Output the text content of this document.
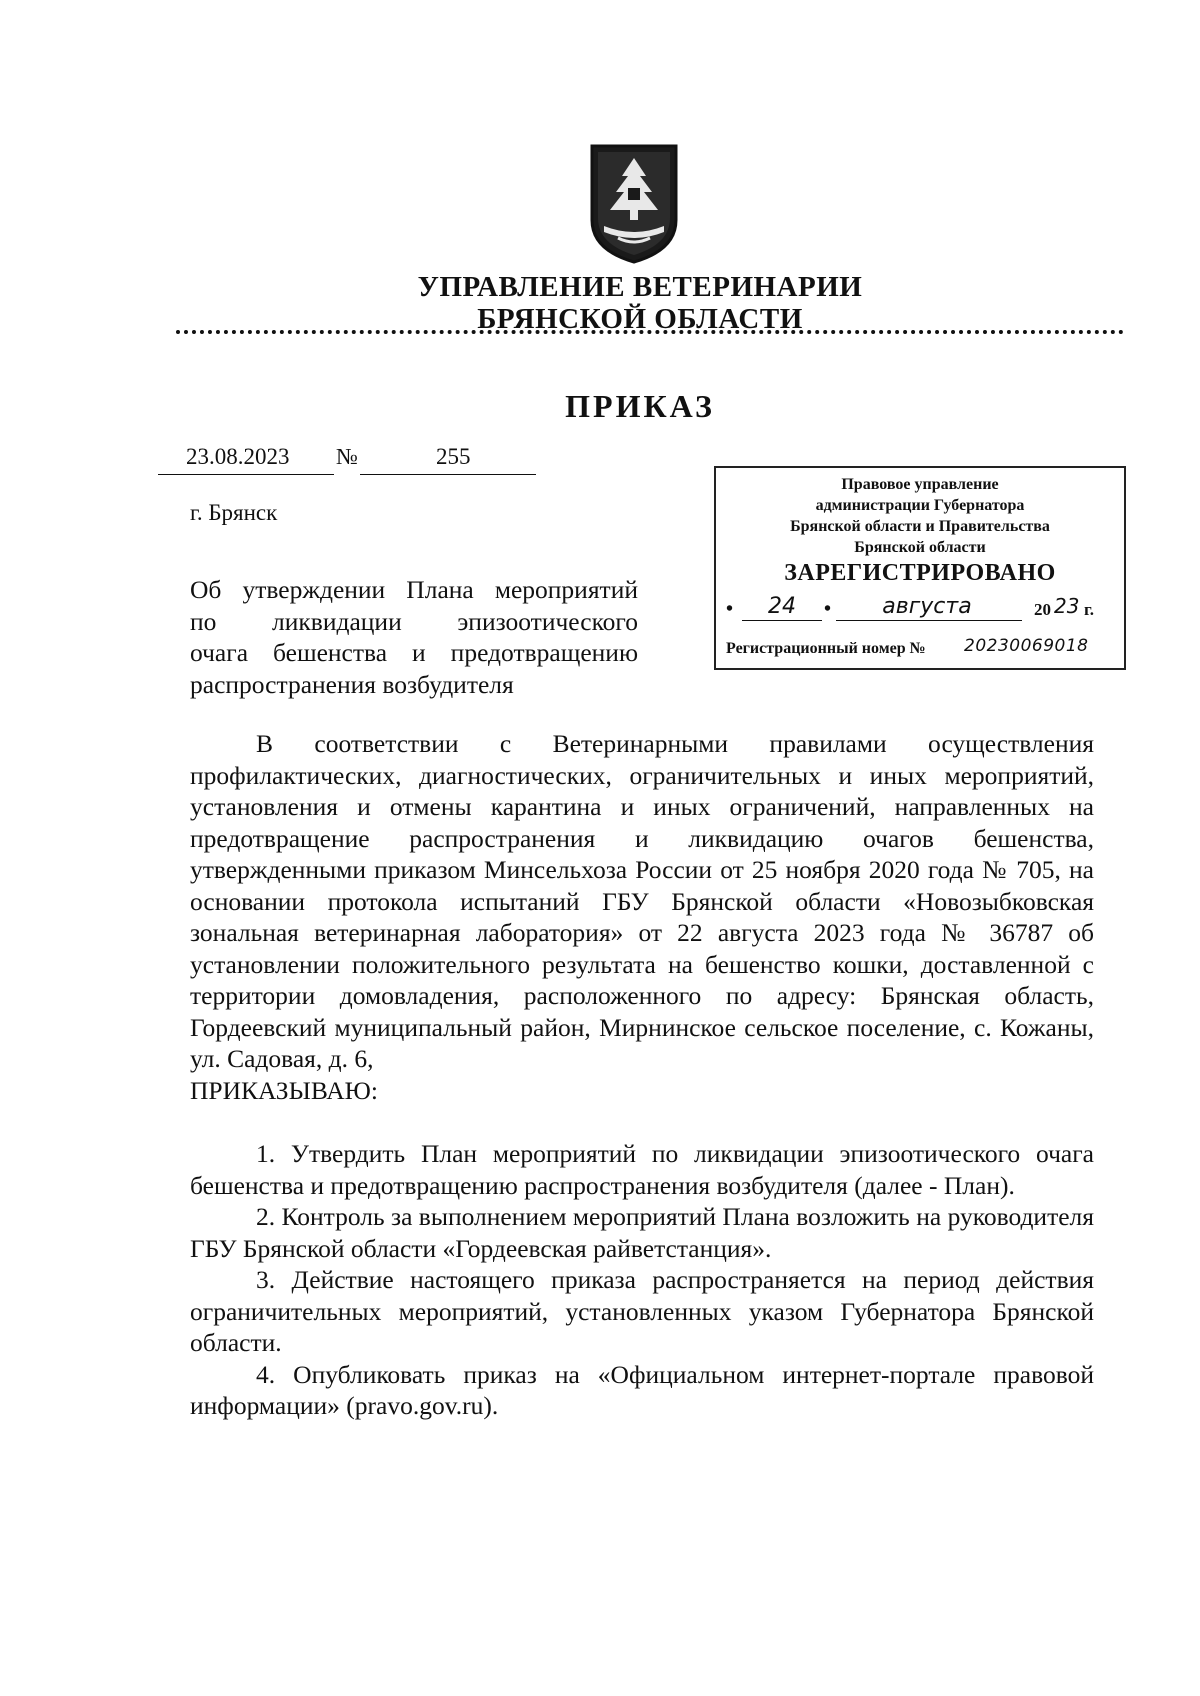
УПРАВЛЕНИЕ ВЕТЕРИНАРИИ
БРЯНСКОЙ ОБЛАСТИ
ПРИКАЗ
23.08.2023 №	255
г. Брянск
Об утверждении Плана мероприятий
по ликвидации эпизоотического
очага бешенства и предотвращению
распространения возбудителя
Правовое управление
администрации Губернатора
Брянской области и Правительства
Брянской области
ЗАРЕГИСТРИРОВАНО
•	24	•	августа	20 23 г.
Регистрационный номер № 20230069018

В соответствии с Ветеринарными правилами осуществления профилактических, диагностических, ограничительных и иных мероприятий, установления и отмены карантина и иных ограничений, направленных на предотвращение распространения и ликвидацию очагов бешенства, утвержденными приказом Минсельхоза России от 25 ноября 2020 года № 705, на основании протокола испытаний ГБУ Брянской области «Новозыбковская зональная ветеринарная лаборатория» от 22 августа 2023 года № 36787 об установлении положительного результата на бешенство кошки, доставленной с территории домовладения, расположенного по адресу: Брянская область, Гордеевский муниципальный район, Мирнинское сельское поселение, с. Кожаны, ул. Садовая, д. 6,

ПРИКАЗЫВАЮ:

1. Утвердить План мероприятий по ликвидации эпизоотического очага бешенства и предотвращению распространения возбудителя (далее - План).

2. Контроль за выполнением мероприятий Плана возложить на руководителя ГБУ Брянской области «Гордеевская райветстанция».

3. Действие настоящего приказа распространяется на период действия ограничительных мероприятий, установленных указом Губернатора Брянской области.

4. Опубликовать приказ на «Официальном интернет-портале правовой информации» (pravo.gov.ru).
